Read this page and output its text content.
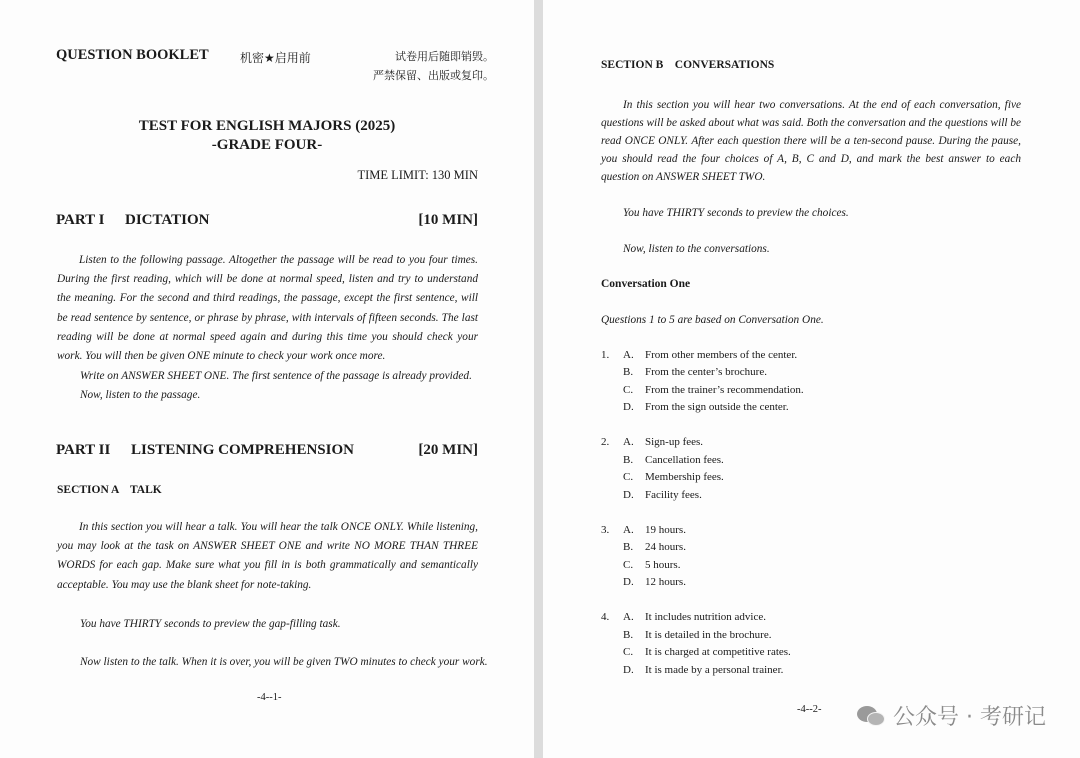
QUESTION BOOKLET	机密★启用前	试卷用后随即销毁。
严禁保留、出版或复印。
TEST FOR ENGLISH MAJORS (2025)
-GRADE FOUR-
TIME LIMIT: 130 MIN
PART I DICTATION	[10 MIN]
Listen to the following passage. Altogether the passage will be read to you four times. During the first reading, which will be done at normal speed, listen and try to understand the meaning. For the second and third readings, the passage, except the first sentence, will be read sentence by sentence, or phrase by phrase, with intervals of fifteen seconds. The last reading will be done at normal speed again and during this time you should check your work. You will then be given ONE minute to check your work once more.
Write on ANSWER SHEET ONE. The first sentence of the passage is already provided.
Now, listen to the passage.
PART II LISTENING COMPREHENSION	[20 MIN]
SECTION A    TALK
In this section you will hear a talk. You will hear the talk ONCE ONLY. While listening, you may look at the task on ANSWER SHEET ONE and write NO MORE THAN THREE WORDS for each gap. Make sure what you fill in is both grammatically and semantically acceptable. You may use the blank sheet for note-taking.
You have THIRTY seconds to preview the gap-filling task.
Now listen to the talk. When it is over, you will be given TWO minutes to check your work.
-4--1-
SECTION B    CONVERSATIONS
In this section you will hear two conversations. At the end of each conversation, five questions will be asked about what was said. Both the conversation and the questions will be read ONCE ONLY. After each question there will be a ten-second pause. During the pause, you should read the four choices of A, B, C and D, and mark the best answer to each question on ANSWER SHEET TWO.
You have THIRTY seconds to preview the choices.
Now, listen to the conversations.
Conversation One
Questions 1 to 5 are based on Conversation One.
1. A. From other members of the center.
B. From the center’s brochure.
C. From the trainer’s recommendation.
D. From the sign outside the center.
2. A. Sign-up fees.
B. Cancellation fees.
C. Membership fees.
D. Facility fees.
3. A. 19 hours.
B. 24 hours.
C. 5 hours.
D. 12 hours.
4. A. It includes nutrition advice.
B. It is detailed in the brochure.
C. It is charged at competitive rates.
D. It is made by a personal trainer.
-4--2-	公众号 · 考研记
